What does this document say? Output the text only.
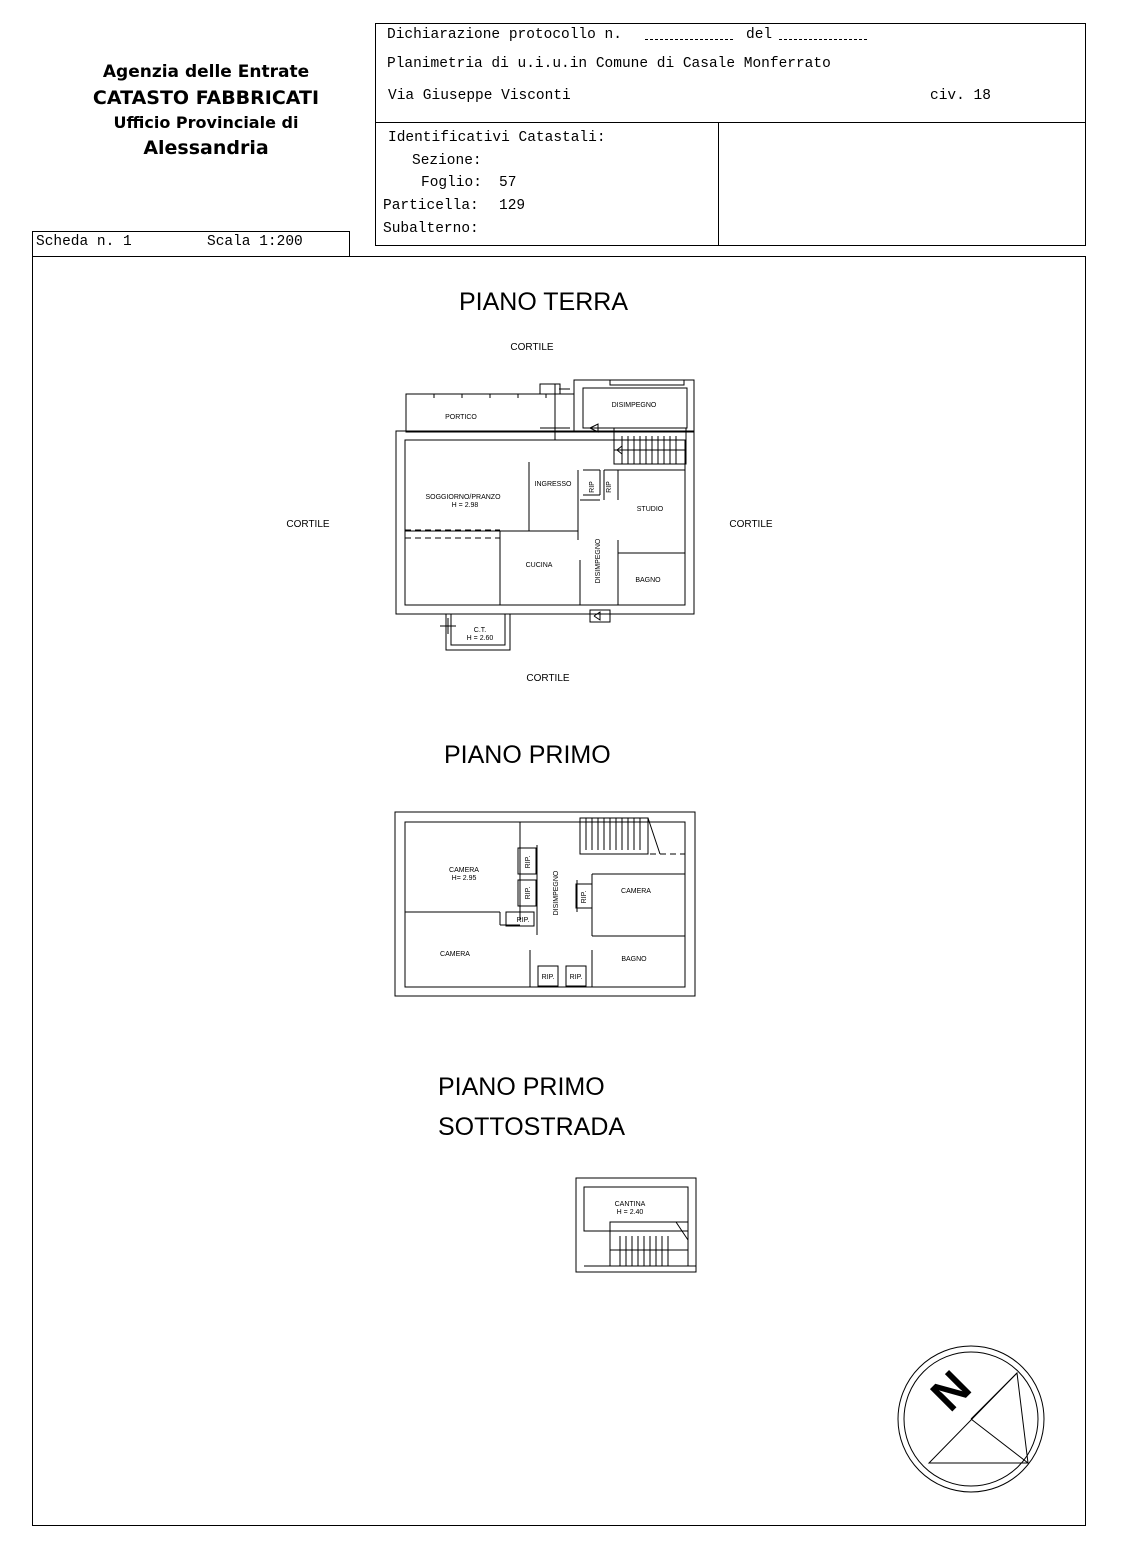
Agenzia delle Entrate
CATASTO FABBRICATI
Ufficio Provinciale di
Alessandria
Dichiarazione protocollo n.	del
Planimetria di u.i.u.in Comune di Casale Monferrato
Via Giuseppe Visconti	civ. 18
Identificativi Catastali:
Sezione:
Foglio: 57
Particella: 129
Subalterno:
Scheda n. 1	Scala 1:200
PIANO TERRA
PIANO PRIMO
PIANO PRIMO
SOTTOSTRADA
N
CORTILE
CORTILE	CORTILE
CORTILE
PORTICO
DISIMPEGNO
SOGGIORNO/PRANZO
H = 2.98
INGRESSO	RIP RIP
STUDIO
CUCINA	DISIMPEGNO	BAGNO
C.T.
H = 2.60
CAMERA
H= 2.95
RIP.
RIP.
RIP.
DISIMPEGNO	RIP.	CAMERA
CAMERA
RIP. RIP.
BAGNO
CANTINA
H = 2.40
